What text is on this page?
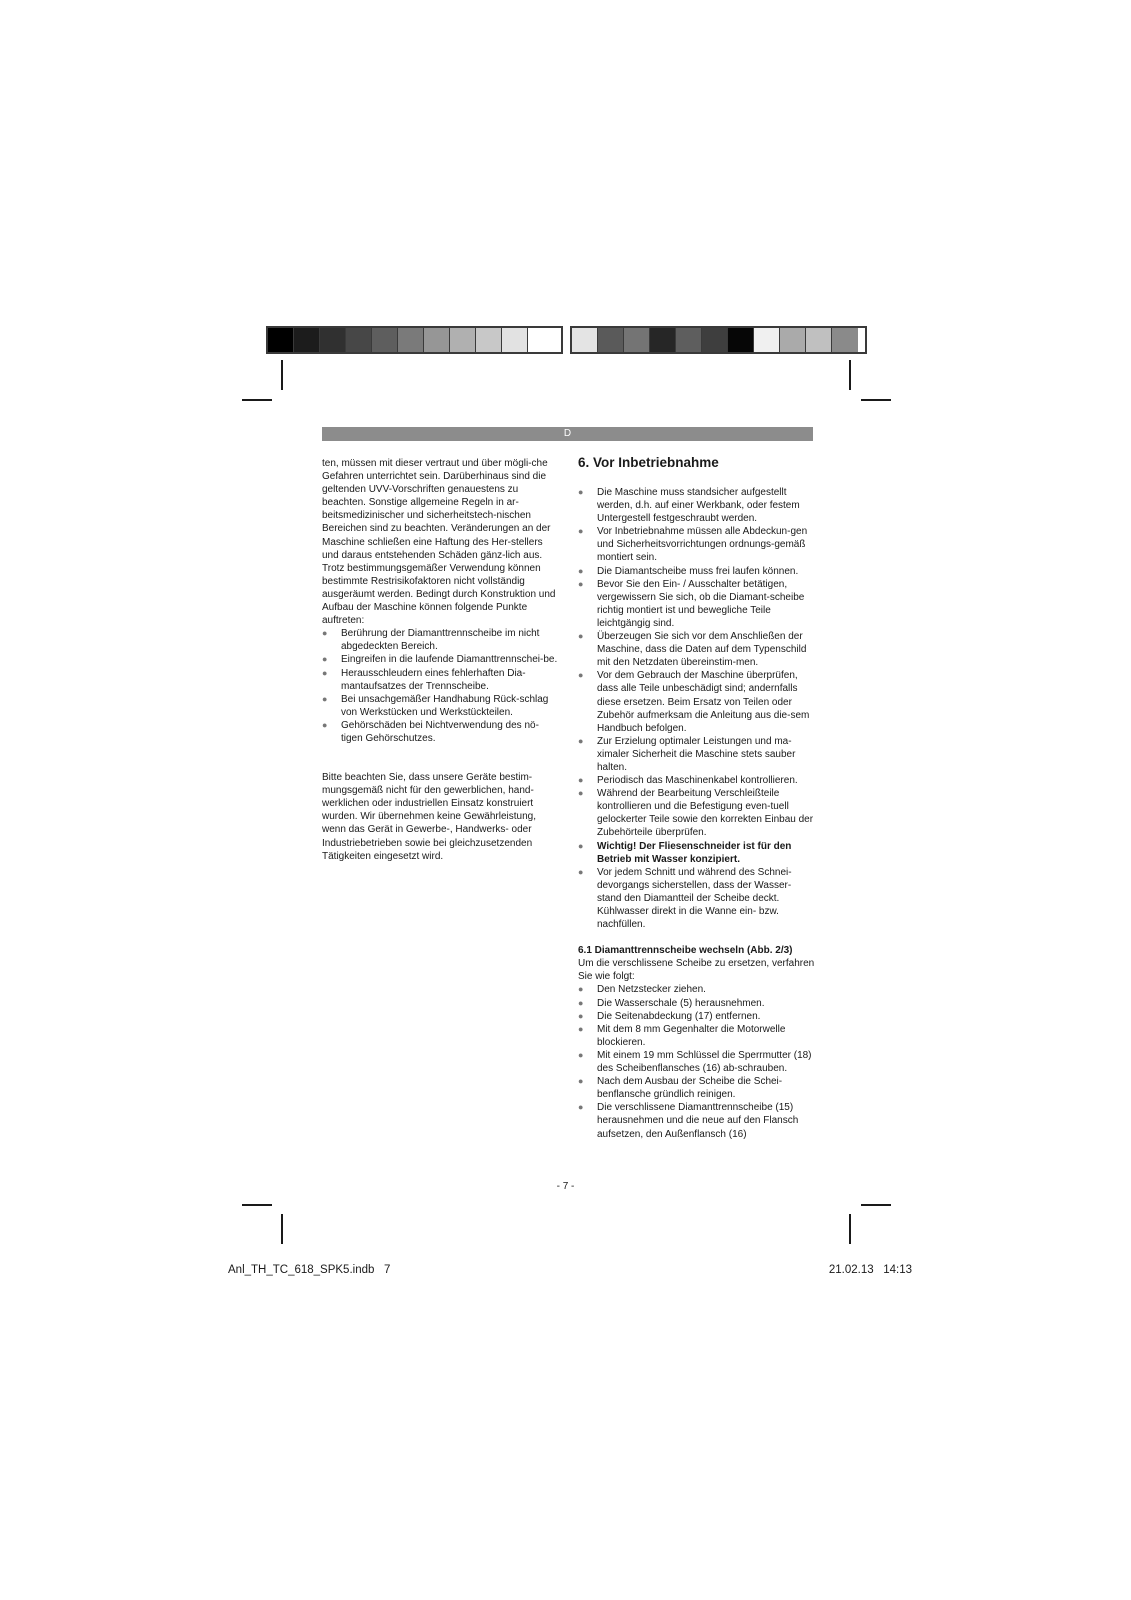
D

ten, müssen mit dieser vertraut und über mögli-che Gefahren unterrichtet sein. Darüberhinaus sind die geltenden UVV-Vorschriften genauestens zu beachten. Sonstige allgemeine Regeln in ar-beitsmedizinischer und sicherheitstech-nischen Bereichen sind zu beachten. Veränderungen an der Maschine schließen eine Haftung des Her-stellers und daraus entstehenden Schäden gänz-lich aus. Trotz bestimmungsgemäßer Verwendung können bestimmte Restrisikofaktoren nicht vollständig ausgeräumt werden. Bedingt durch Konstruktion und Aufbau der Maschine können folgende Punkte auftreten:

● Berührung der Diamanttrennscheibe im nicht abgedeckten Bereich.
● Eingreifen in die laufende Diamanttrennschei-be.
● Herausschleudern eines fehlerhaften Dia-mantaufsatzes der Trennscheibe.
● Bei unsachgemäßer Handhabung Rück-schlag von Werkstücken und Werkstückteilen.
● Gehörschäden bei Nichtverwendung des nö-tigen Gehörschutzes.

Bitte beachten Sie, dass unsere Geräte bestim-mungsgemäß nicht für den gewerblichen, hand-werklichen oder industriellen Einsatz konstruiert wurden. Wir übernehmen keine Gewährleistung, wenn das Gerät in Gewerbe-, Handwerks- oder Industriebetrieben sowie bei gleichzusetzenden Tätigkeiten eingesetzt wird.

6. Vor Inbetriebnahme
● Die Maschine muss standsicher aufgestellt werden, d.h. auf einer Werkbank, oder festem Untergestell festgeschraubt werden.
● Vor Inbetriebnahme müssen alle Abdeckun-gen und Sicherheitsvorrichtungen ordnungs-gemäß montiert sein.
● Die Diamantscheibe muss frei laufen können.
● Bevor Sie den Ein- / Ausschalter betätigen, vergewissern Sie sich, ob die Diamant-scheibe richtig montiert ist und bewegliche Teile leichtgängig sind.
● Überzeugen Sie sich vor dem Anschließen der Maschine, dass die Daten auf dem Typenschild mit den Netzdaten übereinstim-men.
● Vor dem Gebrauch der Maschine überprüfen, dass alle Teile unbeschädigt sind; andernfalls diese ersetzen. Beim Ersatz von Teilen oder Zubehör aufmerksam die Anleitung aus die-sem Handbuch befolgen.
● Zur Erzielung optimaler Leistungen und ma-ximaler Sicherheit die Maschine stets sauber halten.
● Periodisch das Maschinenkabel kontrollieren.
● Während der Bearbeitung Verschleißteile kontrollieren und die Befestigung even-tuell gelockerter Teile sowie den korrekten Einbau der Zubehörteile überprüfen.
● Wichtig! Der Fliesenschneider ist für den Betrieb mit Wasser konzipiert.
● Vor jedem Schnitt und während des Schnei-devorgangs sicherstellen, dass der Wasser-stand den Diamantteil der Scheibe deckt. Kühlwasser direkt in die Wanne ein- bzw. nachfüllen.

6.1 Diamanttrennscheibe wechseln (Abb. 2/3)

Um die verschlissene Scheibe zu ersetzen, verfahren Sie wie folgt:

● Den Netzstecker ziehen.
● Die Wasserschale (5) herausnehmen.
● Die Seitenabdeckung (17) entfernen.
● Mit dem 8 mm Gegenhalter die Motorwelle blockieren.
● Mit einem 19 mm Schlüssel die Sperrmutter (18) des Scheibenflansches (16) ab-schrauben.
● Nach dem Ausbau der Scheibe die Schei-benflansche gründlich reinigen.
● Die verschlissene Diamanttrennscheibe (15) herausnehmen und die neue auf den Flansch aufsetzen, den Außenflansch (16)
- 7 -
Anl_TH_TC_618_SPK5.indb   7	21.02.13   14:13
